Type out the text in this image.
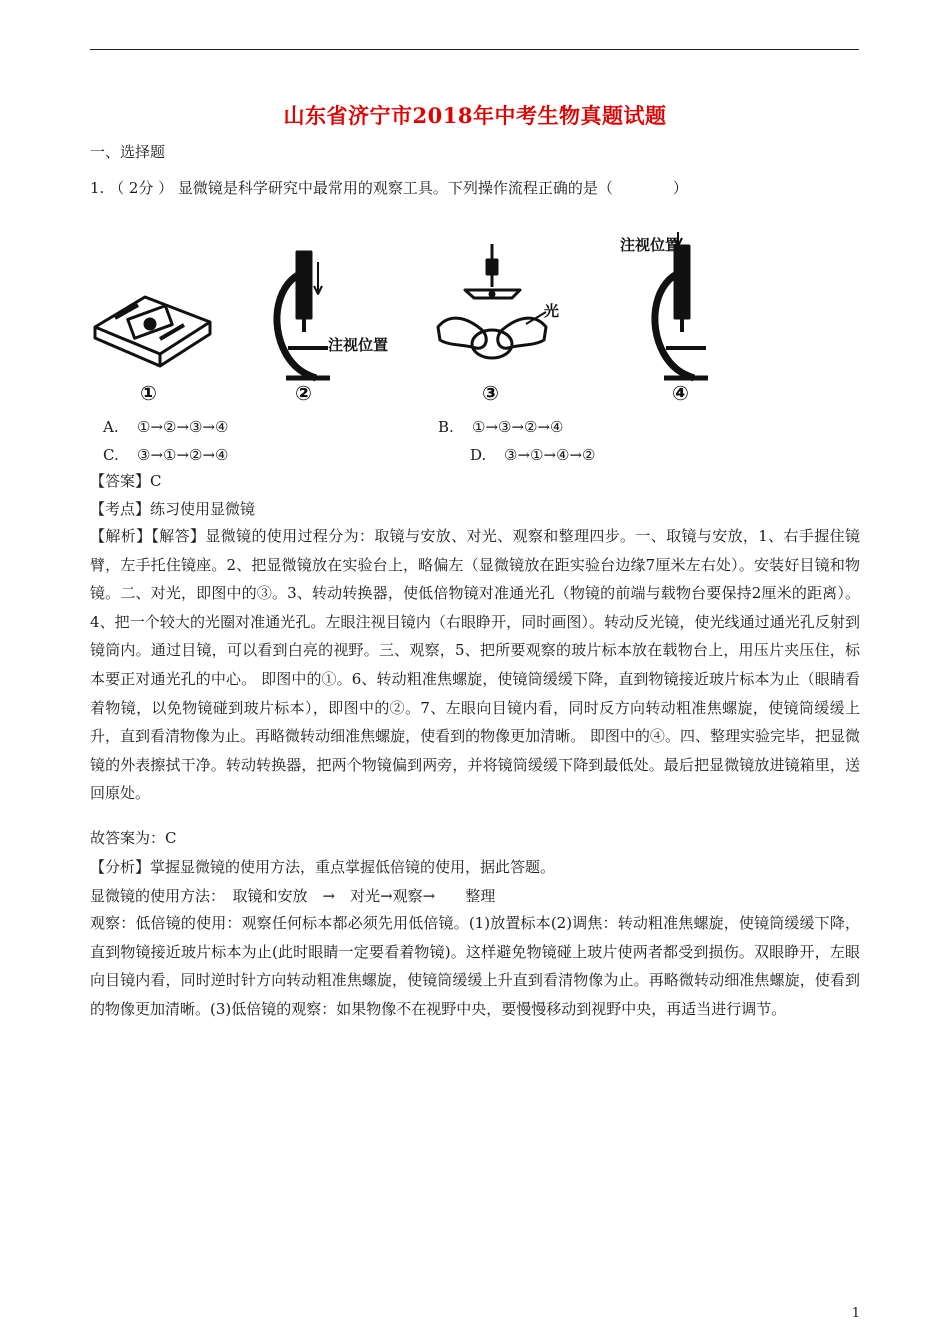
山东省济宁市2018年中考生物真题试题
一、选择题
1. （ 2分 ） 显微镜是科学研究中最常用的观察工具。下列操作流程正确的是（　　　　）
注视位置
光
注视位置
①	②	③	④
A. ①→②→③→④	B. ①→③→②→④
C. ③→①→②→④	D. ③→①→④→②
【答案】C
【考点】练习使用显微镜
【解析】【解答】显微镜的使用过程分为：取镜与安放、对光、观察和整理四步。一、取镜与安放，1、右手握住镜臂，左手托住镜座。2、把显微镜放在实验台上，略偏左（显微镜放在距实验台边缘7厘米左右处）。安装好目镜和物镜。二、对光，即图中的③。3、转动转换器，使低倍物镜对准通光孔（物镜的前端与载物台要保持2厘米的距离）。4、把一个较大的光圈对准通光孔。左眼注视目镜内（右眼睁开，同时画图）。转动反光镜，使光线通过通光孔反射到镜筒内。通过目镜，可以看到白亮的视野。三、观察，5、把所要观察的玻片标本放在载物台上，用压片夹压住，标本要正对通光孔的中心。 即图中的①。6、转动粗准焦螺旋，使镜筒缓缓下降，直到物镜接近玻片标本为止（眼睛看着物镜，以免物镜碰到玻片标本），即图中的②。7、左眼向目镜内看，同时反方向转动粗准焦螺旋，使镜筒缓缓上升，直到看清物像为止。再略微转动细准焦螺旋，使看到的物像更加清晰。 即图中的④。四、整理实验完毕，把显微镜的外表擦拭干净。转动转换器，把两个物镜偏到两旁，并将镜筒缓缓下降到最低处。最后把显微镜放进镜箱里，送回原处。
故答案为：C
【分析】掌握显微镜的使用方法，重点掌握低倍镜的使用，据此答题。
显微镜的使用方法：　取镜和安放　→　对光→观察→　　整理
观察：低倍镜的使用：观察任何标本都必须先用低倍镜。(1)放置标本(2)调焦：转动粗准焦螺旋，使镜筒缓缓下降，直到物镜接近玻片标本为止(此时眼睛一定要看着物镜)。这样避免物镜碰上玻片使两者都受到损伤。双眼睁开，左眼向目镜内看，同时逆时针方向转动粗准焦螺旋，使镜筒缓缓上升直到看清物像为止。再略微转动细准焦螺旋，使看到的物像更加清晰。(3)低倍镜的观察：如果物像不在视野中央，要慢慢移动到视野中央，再适当进行调节。
1
